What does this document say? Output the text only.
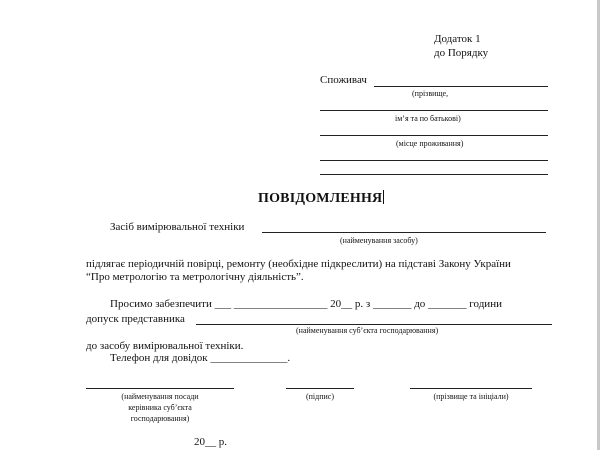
Додаток 1
до Порядку
Споживач
(прізвище,
ім’я та по батькові)
(місце проживання)
ПОВІДОМЛЕННЯ
Засіб вимірювальної техніки
(найменування засобу)
підлягає періодичній повірці, ремонту (необхідне підкреслити) на підставі Закону України
“Про метрологію та метрологічну діяльність”.
Просимо забезпечити ___ _________________ 20__ р. з _______ до _______ години
допуск представника
(найменування суб’єкта господарювання)
до засобу вимірювальної техніки.
Телефон для довідок ______________.
(найменування посади
керівника суб’єкта
господарювання)
(підпис)	(прізвище та ініціали)
20__ р.
